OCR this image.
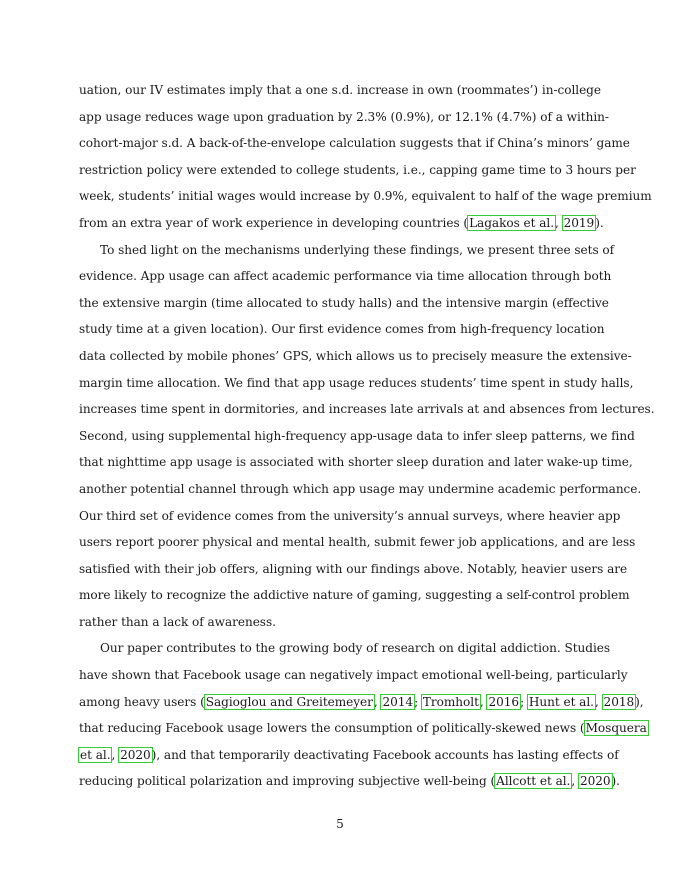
uation, our IV estimates imply that a one s.d. increase in own (roommates’) in-college
app usage reduces wage upon graduation by 2.3% (0.9%), or 12.1% (4.7%) of a within-
cohort-major s.d. A back-of-the-envelope calculation suggests that if China’s minors’ game
restriction policy were extended to college students, i.e., capping game time to 3 hours per
week, students’ initial wages would increase by 0.9%, equivalent to half of the wage premium
from an extra year of work experience in developing countries (Lagakos et al., 2019).
To shed light on the mechanisms underlying these findings, we present three sets of
evidence. App usage can affect academic performance via time allocation through both
the extensive margin (time allocated to study halls) and the intensive margin (effective
study time at a given location). Our first evidence comes from high-frequency location
data collected by mobile phones’ GPS, which allows us to precisely measure the extensive-
margin time allocation. We find that app usage reduces students’ time spent in study halls,
increases time spent in dormitories, and increases late arrivals at and absences from lectures.
Second, using supplemental high-frequency app-usage data to infer sleep patterns, we find
that nighttime app usage is associated with shorter sleep duration and later wake-up time,
another potential channel through which app usage may undermine academic performance.
Our third set of evidence comes from the university’s annual surveys, where heavier app
users report poorer physical and mental health, submit fewer job applications, and are less
satisfied with their job offers, aligning with our findings above. Notably, heavier users are
more likely to recognize the addictive nature of gaming, suggesting a self-control problem
rather than a lack of awareness.
Our paper contributes to the growing body of research on digital addiction. Studies
have shown that Facebook usage can negatively impact emotional well-being, particularly
among heavy users (Sagioglou and Greitemeyer, 2014; Tromholt, 2016; Hunt et al., 2018),
that reducing Facebook usage lowers the consumption of politically-skewed news (Mosquera
et al., 2020), and that temporarily deactivating Facebook accounts has lasting effects of
reducing political polarization and improving subjective well-being (Allcott et al., 2020).
5
